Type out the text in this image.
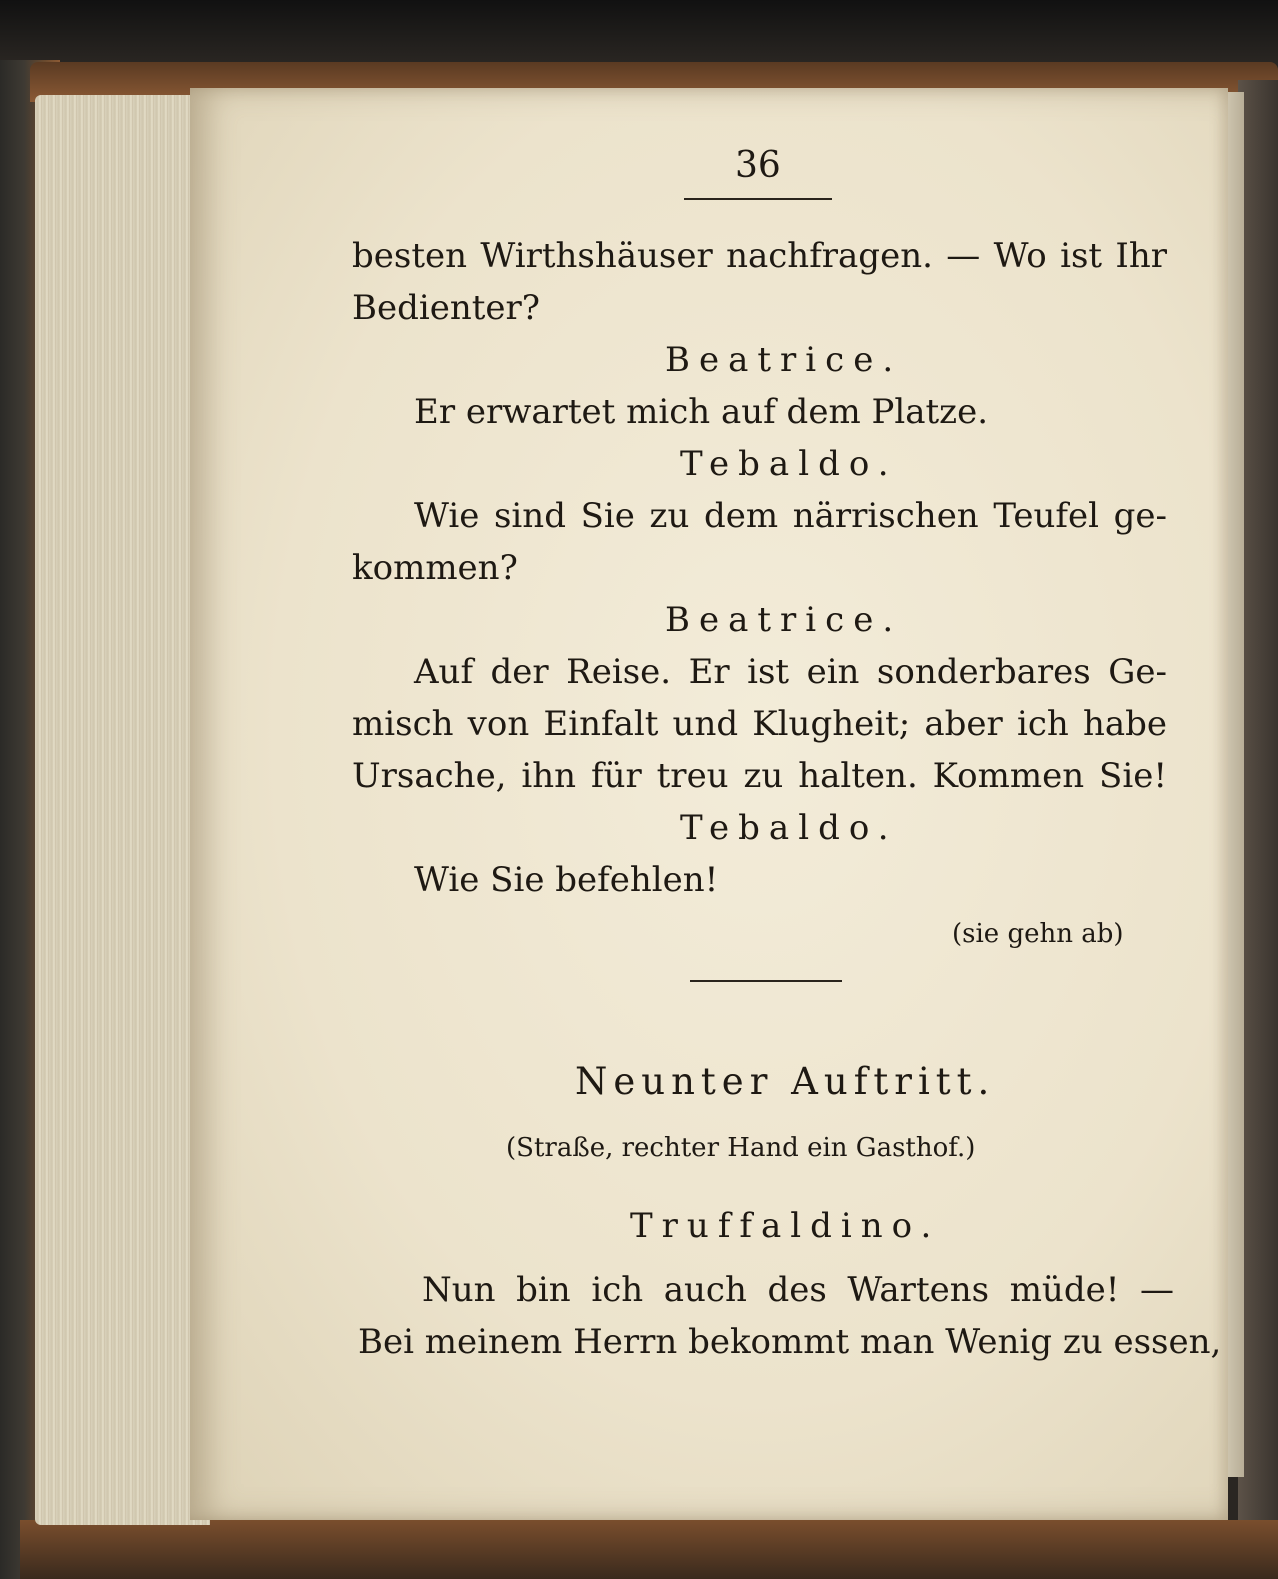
36
besten Wirthshäuser nachfragen. — Wo ist Ihr
Bedienter?
Beatrice.
Er erwartet mich auf dem Platze.
Tebaldo.
Wie sind Sie zu dem närrischen Teufel ge-
kommen?
Beatrice.
Auf der Reise. Er ist ein sonderbares Ge-
misch von Einfalt und Klugheit; aber ich habe
Ursache, ihn für treu zu halten. Kommen Sie!
Tebaldo.
Wie Sie befehlen!
(sie gehn ab)
Neunter Auftritt.
(Straße, rechter Hand ein Gasthof.)
Truffaldino.
Nun bin ich auch des Wartens müde! —
Bei meinem Herrn bekommt man Wenig zu essen,
